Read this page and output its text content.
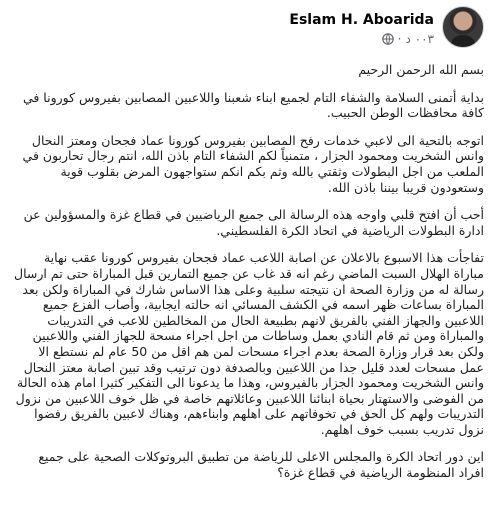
Eslam H. Aboarida
· ٠٠٣ د

بسم الله الرحمن الرحيم

بداية أتمنى السلامة والشفاء التام لجميع ابناء شعبنا واللاعبين المصابين بفيروس كورونا في كافة محافظات الوطن الحبيب.

اتوجه بالتحية الى لاعبي خدمات رفح المصابين بفيروس كورونا عماد فجحان ومعتز النحال وانس الشخريت ومحمود الجزار ، متمنياً لكم الشفاء التام باذن الله، انتم رجال تحاربون في الملعب من اجل البطولات وثقتي بالله وثم بكم انكم ستواجهون المرض بقلوب قوية وستعودون قريبا بيننا باذن الله.

أحب أن افتح قلبي واوجه هذه الرسالة الى جميع الرياضيين في قطاع غزة والمسؤولين عن ادارة البطولات الرياضية في اتحاد الكرة الفلسطيني.

تفاجأت هذا الاسبوع بالاعلان عن اصابة اللاعب عماد فجحان بفيروس كورونا عقب نهاية مباراة الهلال السبت الماضي رغم انه قد غاب عن جميع التمارين قبل المباراة حتى تم ارسال رسالة له من وزارة الصحة ان نتيجته سلبية وعلى هذا الاساس شارك في المباراة ولكن بعد المباراة بساعات ظهر اسمه في الكشف المسائي انه حالته ايجابية، وأصاب الفزع جميع اللاعبين والجهاز الفني بالفريق لانهم بطبيعة الحال من المخالطين للاعب في التدريبات والمباراة ومن ثم قام النادي بعمل وساطات من اجل اجراء مسحة للجهاز الفني واللاعبين ولكن بعد قرار وزارة الصحة بعدم اجراء مسحات لمن هم اقل من 50 عام لم نستطع الا عمل مسحات لعدد قليل جدا من اللاعبين وبالصدفة دون ترتيب وقد تبين اصابة معتز النحال وانس الشخريت ومحمود الجزار بالفيروس، وهذا ما يدعونا الى التفكير كثيرا امام هذه الحالة من الفوضى والاستهتار بحياة ابنائنا اللاعبين وعائلاتهم خاصة في ظل خوف اللاعبين من نزول التدريبات ولهم كل الحق في تخوفاتهم على اهلهم وابناءهم، وهناك لاعبين بالفريق رفضوا نزول تدريب بسبب خوف اهلهم.

اين دور اتحاد الكرة والمجلس الاعلى للرياضة من تطبيق البروتوكلات الصحية على جميع افراد المنظومة الرياضية في قطاع غزة؟
